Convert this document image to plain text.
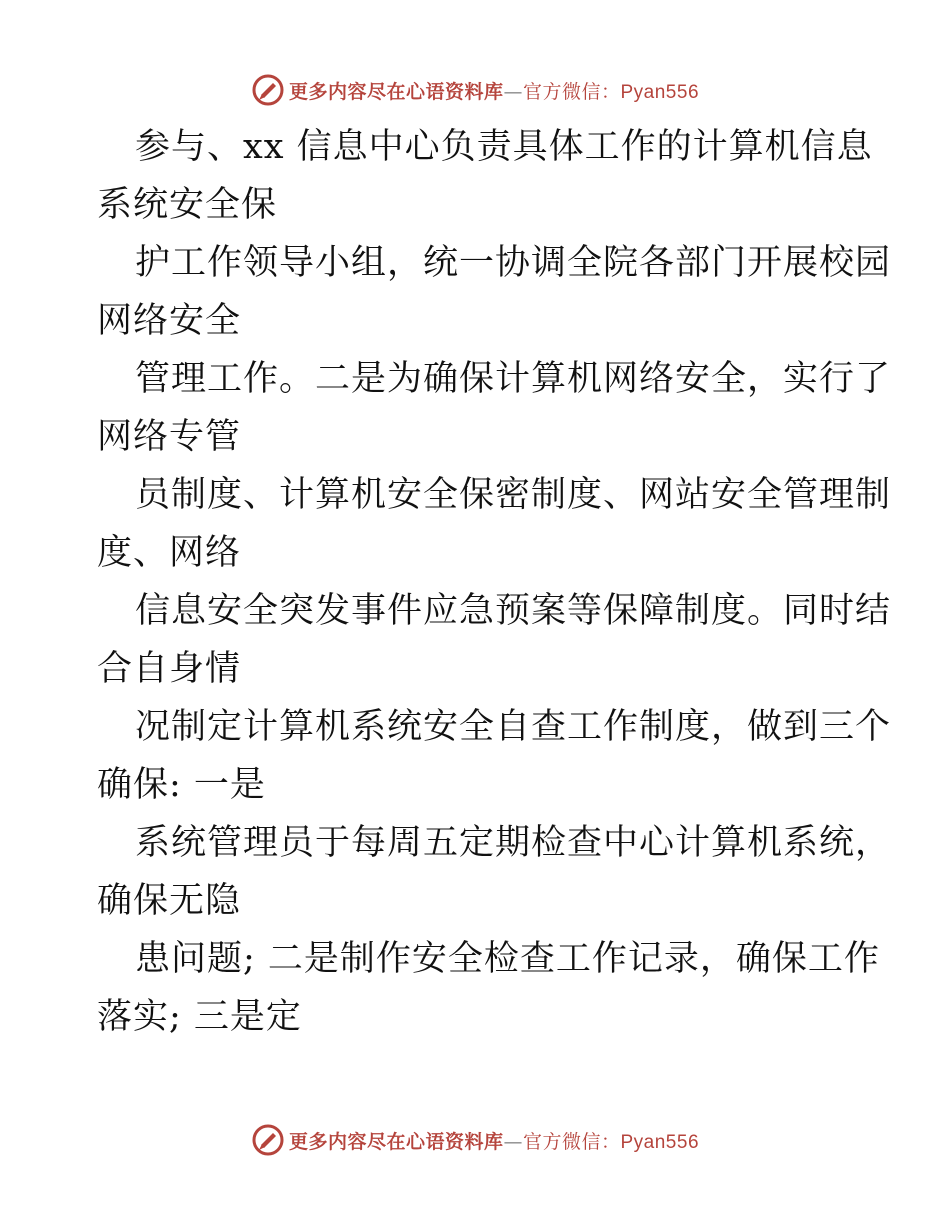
更多内容尽在心语资料库—官方微信：Pyan556

参与、xx 信息中心负责具体工作的计算机信息
系统安全保

护工作领导小组，统一协调全院各部门开展校园
网络安全

管理工作。二是为确保计算机网络安全，实行了
网络专管

员制度、计算机安全保密制度、网站安全管理制
度、网络

信息安全突发事件应急预案等保障制度。同时结
合自身情

况制定计算机系统安全自查工作制度，做到三个
确保: 一是

系统管理员于每周五定期检查中心计算机系统，
确保无隐

患问题; 二是制作安全检查工作记录，确保工作
落实; 三是定

更多内容尽在心语资料库—官方微信：Pyan556
